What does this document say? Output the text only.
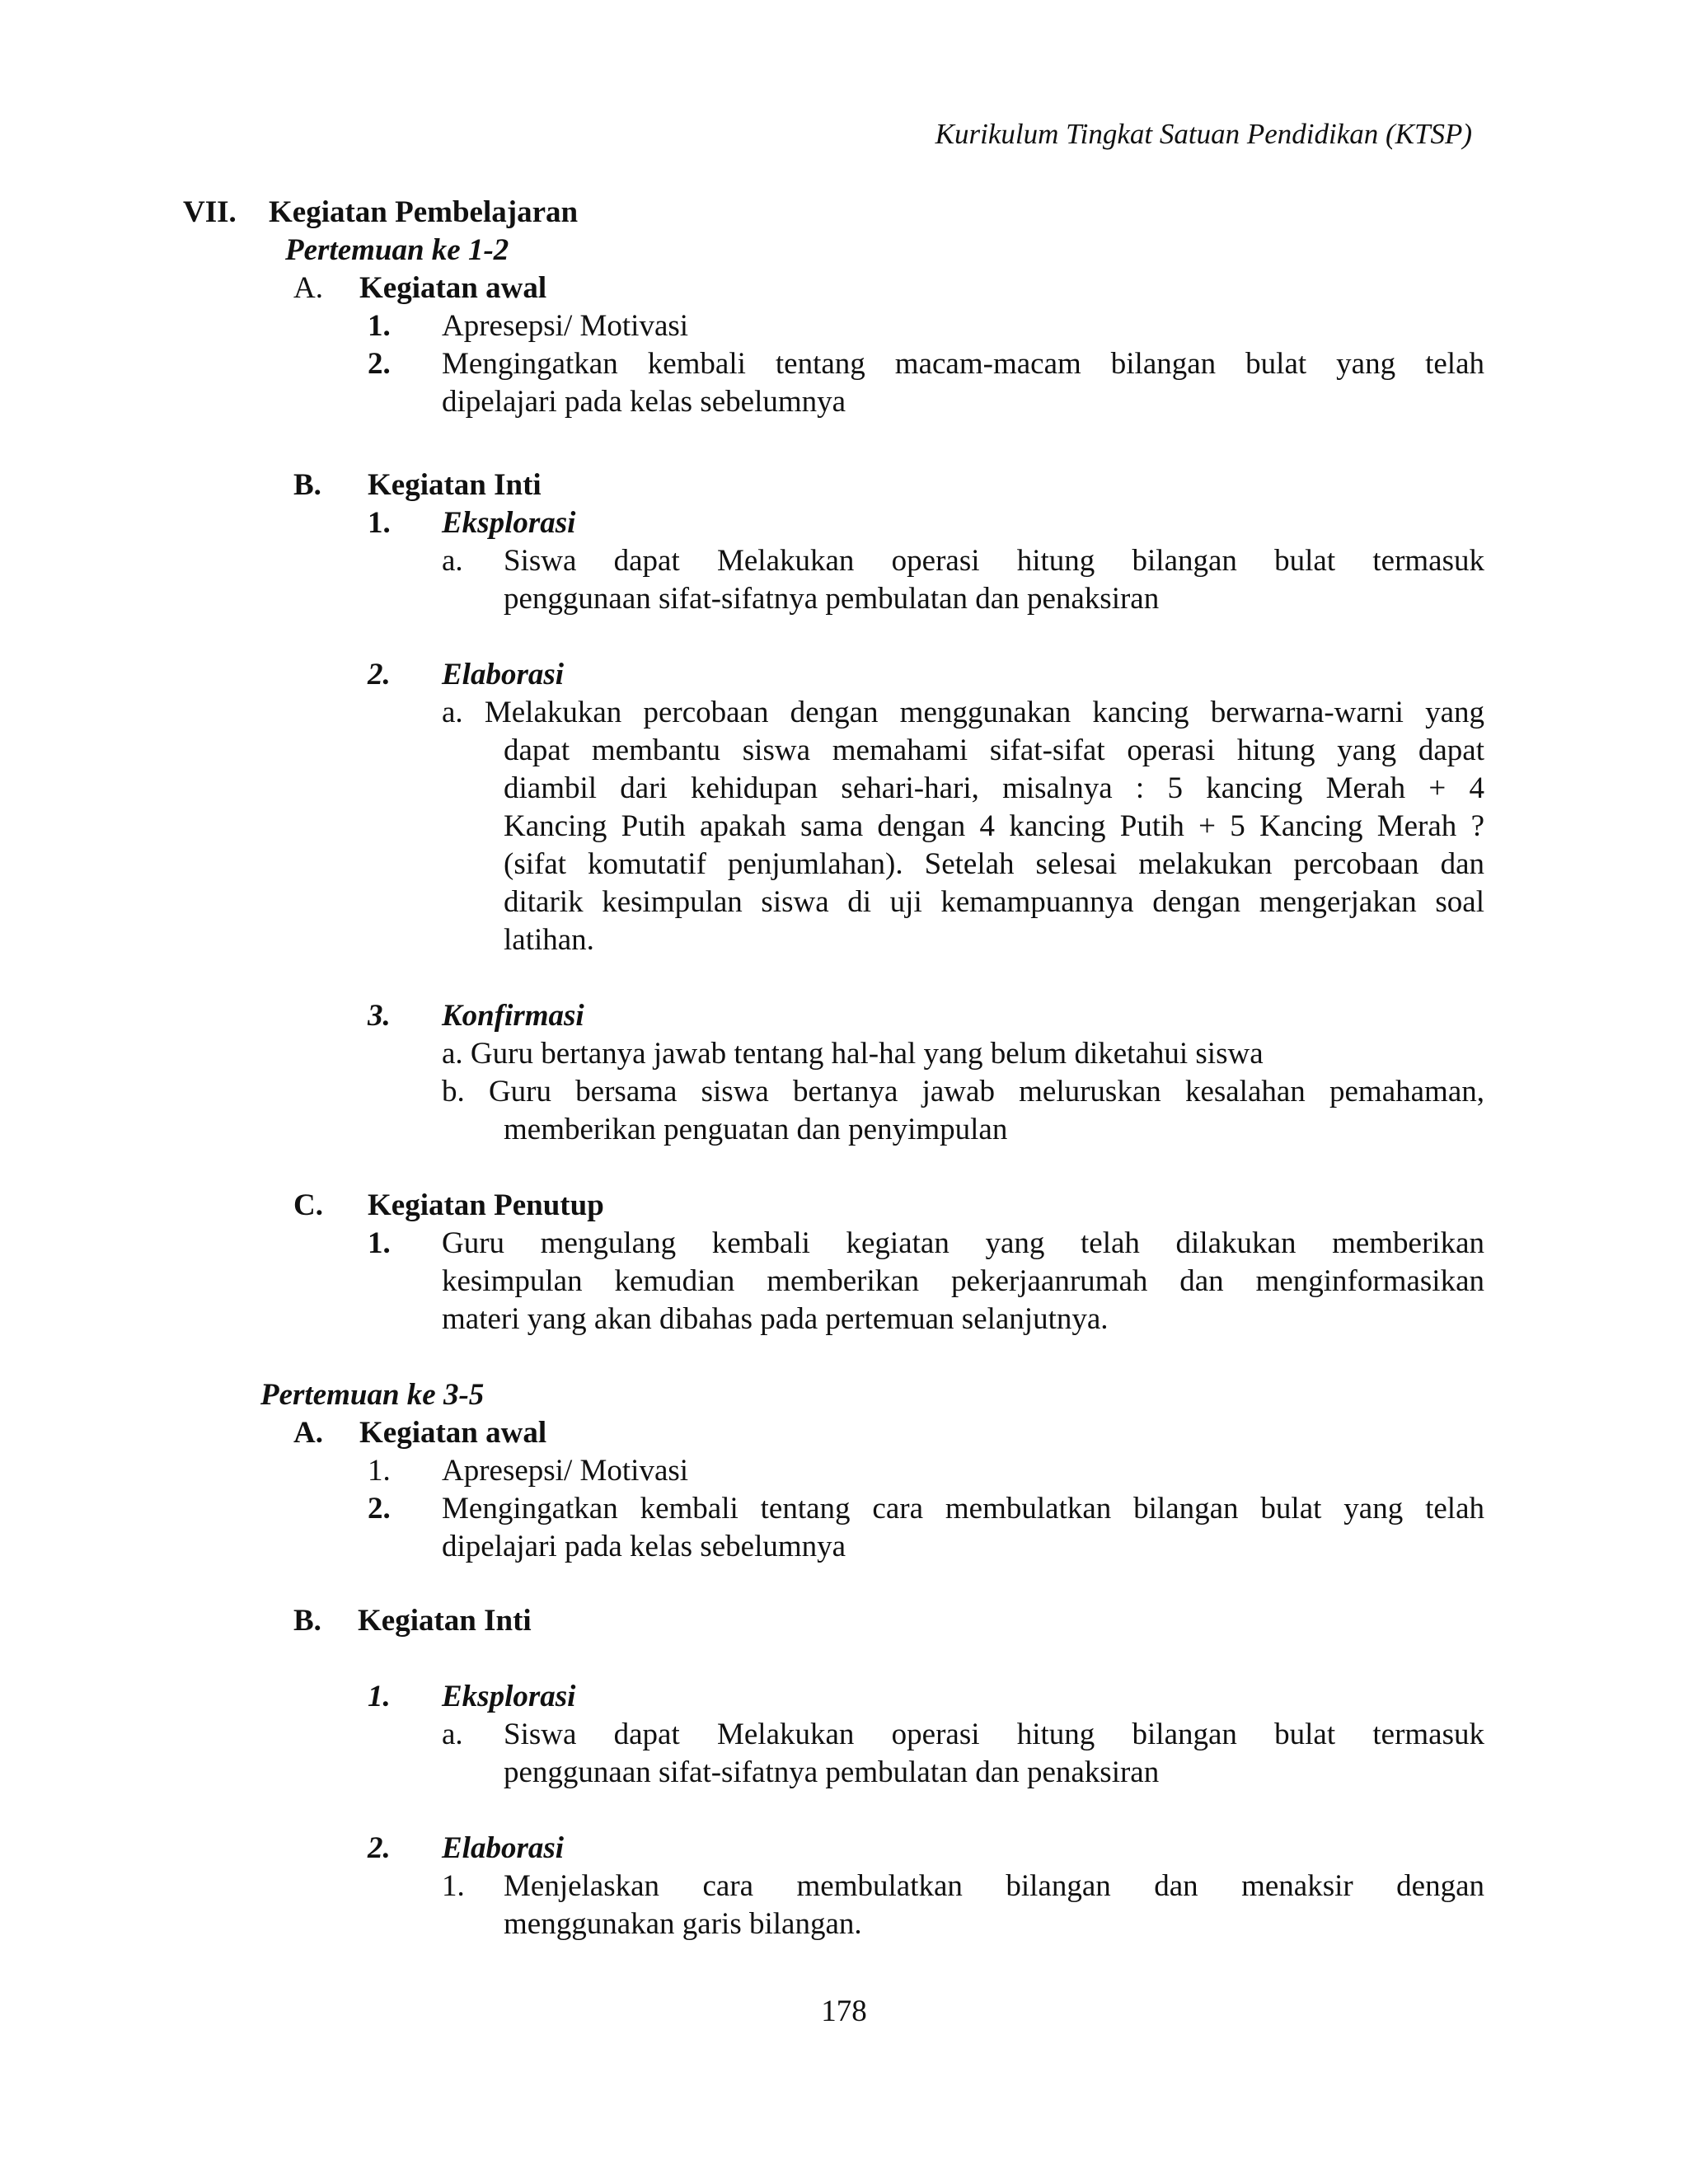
Kurikulum Tingkat Satuan Pendidikan (KTSP)
VII. Kegiatan Pembelajaran
Pertemuan ke 1-2
A. Kegiatan awal
1. Apresepsi/ Motivasi
2. Mengingatkan kembali tentang macam-macam bilangan bulat yang telah
dipelajari pada kelas sebelumnya
B. Kegiatan Inti
1. Eksplorasi
a. Siswa dapat Melakukan operasi hitung bilangan bulat termasuk
penggunaan sifat-sifatnya pembulatan dan penaksiran
2. Elaborasi
a. Melakukan percobaan dengan menggunakan kancing berwarna-warni yang
dapat membantu siswa memahami sifat-sifat operasi hitung yang dapat
diambil dari kehidupan sehari-hari, misalnya : 5 kancing Merah + 4
Kancing Putih apakah sama dengan 4 kancing Putih + 5 Kancing Merah ?
(sifat komutatif penjumlahan). Setelah selesai melakukan percobaan dan
ditarik kesimpulan siswa di uji kemampuannya dengan mengerjakan soal
latihan.
3. Konfirmasi
a. Guru bertanya jawab tentang hal-hal yang belum diketahui siswa
b. Guru bersama siswa bertanya jawab meluruskan kesalahan pemahaman,
memberikan penguatan dan penyimpulan
C. Kegiatan Penutup
1. Guru mengulang kembali kegiatan yang telah dilakukan memberikan
kesimpulan kemudian memberikan pekerjaanrumah dan menginformasikan
materi yang akan dibahas pada pertemuan selanjutnya.
Pertemuan ke 3-5
A. Kegiatan awal
1. Apresepsi/ Motivasi
2. Mengingatkan kembali tentang cara membulatkan bilangan bulat yang telah
dipelajari pada kelas sebelumnya
B. Kegiatan Inti
1. Eksplorasi
a. Siswa dapat Melakukan operasi hitung bilangan bulat termasuk
penggunaan sifat-sifatnya pembulatan dan penaksiran
2. Elaborasi
1. Menjelaskan cara membulatkan bilangan dan menaksir dengan
menggunakan garis bilangan.
178
